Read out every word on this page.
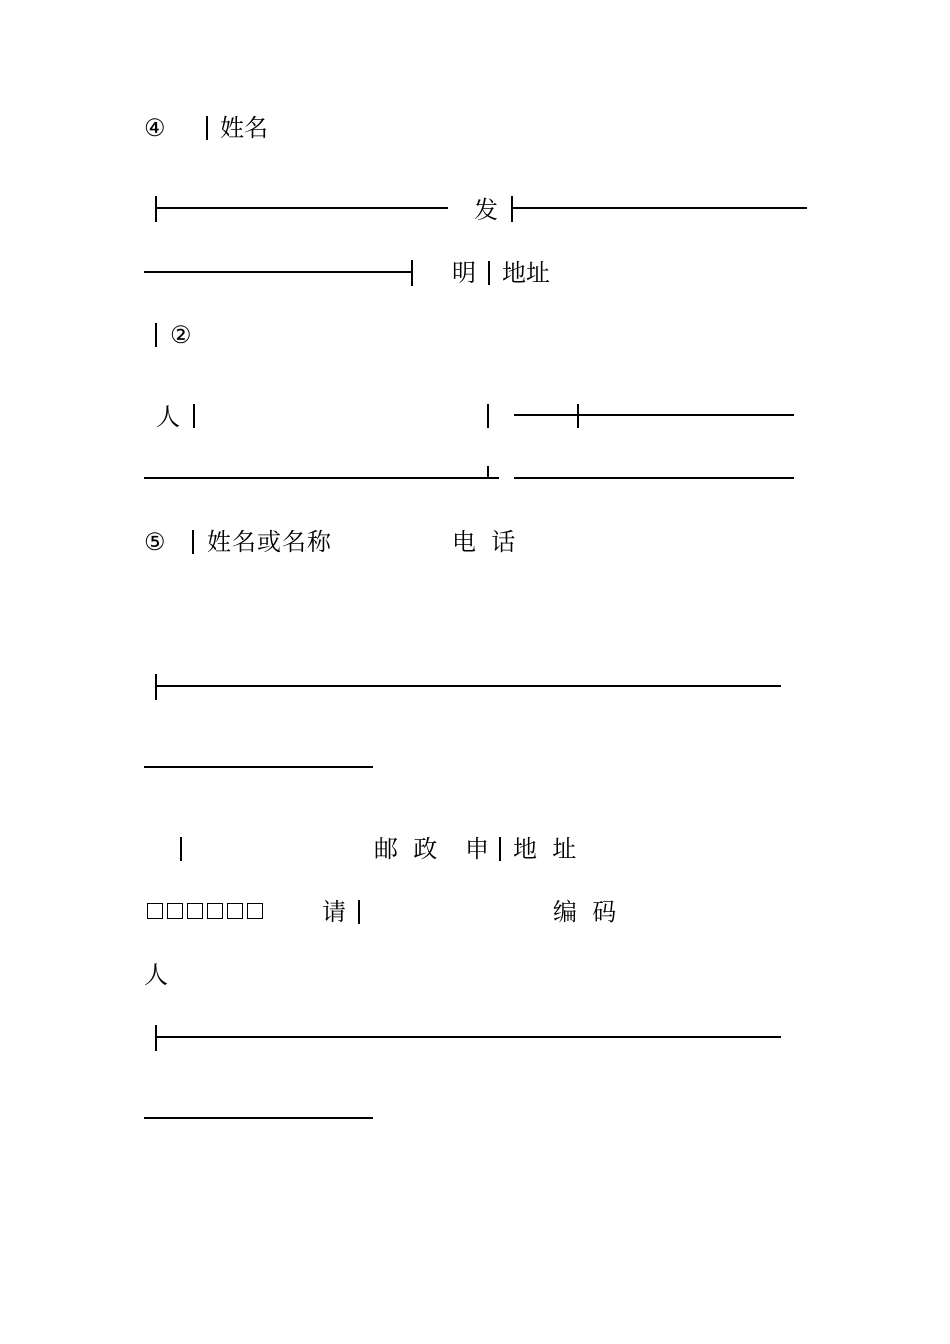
④ 姓名
发
明 地址
②
人
⑤ 姓名或名称	电  话
邮  政 申 地  址
请	编  码
人
